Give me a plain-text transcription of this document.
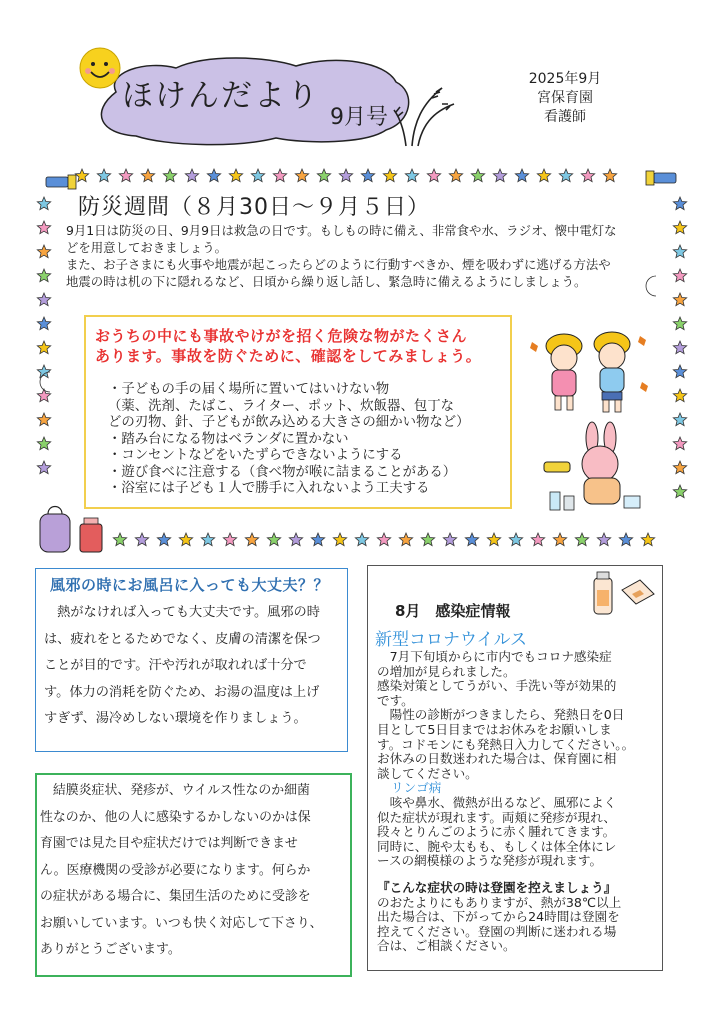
ほけんだより
9月号
2025年9月
宮保育園
看護師
防災週間（８月30日～９月５日）
9月1日は防災の日、9月9日は救急の日です。もしもの時に備え、非常食や水、ラジオ、懐中電灯な
どを用意しておきましょう。
また、お子さまにも火事や地震が起こったらどのように行動すべきか、煙を吸わずに逃げる方法や
地震の時は机の下に隠れるなど、日頃から繰り返し話し、緊急時に備えるようにしましょう。
おうちの中にも事故やけがを招く危険な物がたくさん
あります。事故を防ぐために、確認をしてみましょう。
・子どもの手の届く場所に置いてはいけない物
（薬、洗剤、たばこ、ライター、ポット、炊飯器、包丁な
どの刃物、針、子どもが飲み込める大きさの細かい物など）
・踏み台になる物はベランダに置かない
・コンセントなどをいたずらできないようにする
・遊び食べに注意する（食べ物が喉に詰まることがある）
・浴室には子ども１人で勝手に入れないよう工夫する
風邪の時にお風呂に入っても大丈夫？？
　熱がなければ入っても大丈夫です。風邪の時
は、疲れをとるためでなく、皮膚の清潔を保つ
ことが目的です。汗や汚れが取れれば十分で
す。体力の消耗を防ぐため、お湯の温度は上げ
すぎず、湯冷めしない環境を作りましょう。
　結膜炎症状、発疹が、ウイルス性なのか細菌
性なのか、他の人に感染するかしないのかは保
育園では見た目や症状だけでは判断できませ
ん。医療機関の受診が必要になります。何らか
の症状がある場合に、集団生活のために受診を
お願いしています。いつも快く対応して下さり、
ありがとうございます。
8月　感染症情報
新型コロナウイルス
　7月下旬頃からに市内でもコロナ感染症
の増加が見られました。
感染対策としてうがい、手洗い等が効果的
です。
　陽性の診断がつきましたら、発熱日を0日
目として5日目まではお休みをお願いしま
す。コドモンにも発熱日入力してください。。
お休みの日数迷われた場合は、保育園に相
談してください。
リンゴ病
　咳や鼻水、微熱が出るなど、風邪によく
似た症状が現れます。両頬に発疹が現れ、
段々とりんごのように赤く腫れてきます。
同時に、腕や太もも、もしくは体全体にレ
ースの網模様のような発疹が現れます。
『こんな症状の時は登園を控えましょう』
のおたよりにもありますが、熱が38℃以上
出た場合は、下がってから24時間は登園を
控えてください。登園の判断に迷われる場
合は、ご相談ください。
